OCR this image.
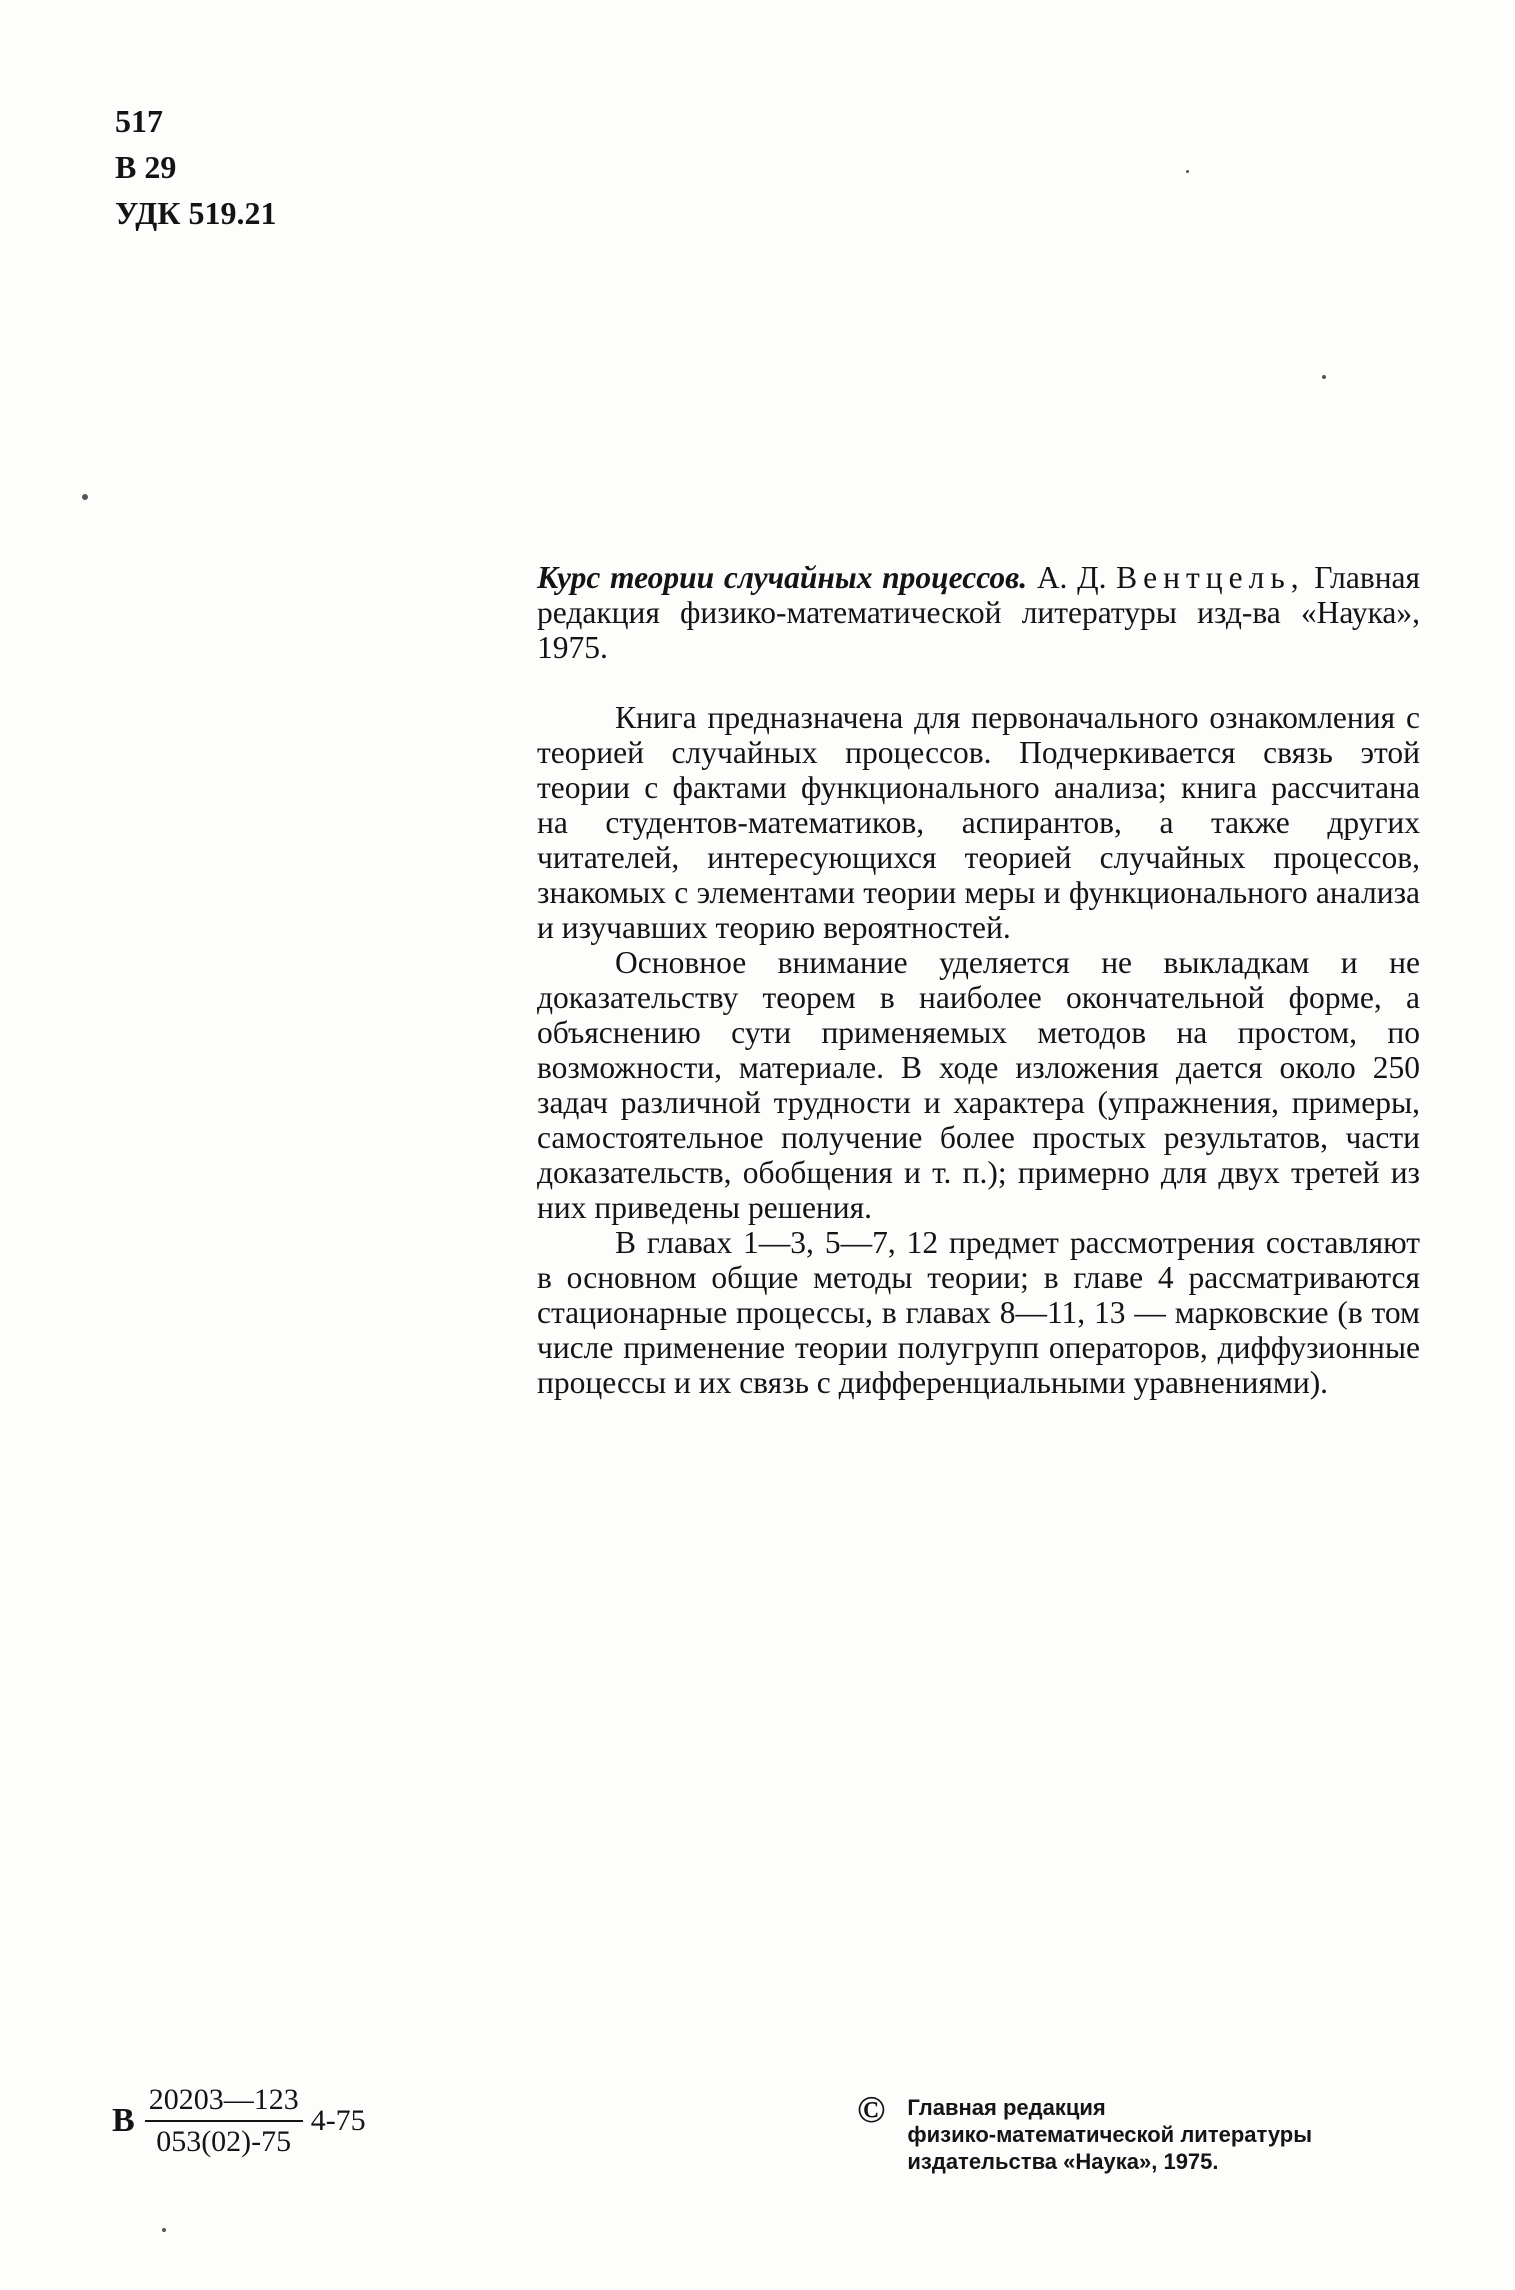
517
В 29
УДК 519.21

Курс теории случайных процессов. А. Д. Вентцель, Главная редакция физико-математической литературы изд-ва «Наука», 1975.

Книга предназначена для первоначального ознакомления с теорией случайных процессов. Подчеркивается связь этой теории с фактами функционального анализа; книга рассчитана на студентов-математиков, аспирантов, а также других читателей, интересующихся теорией случайных процессов, знакомых с элементами теории меры и функционального анализа и изучавших теорию вероятностей.

Основное внимание уделяется не выкладкам и не доказательству теорем в наиболее окончательной форме, а объяснению сути применяемых методов на простом, по возможности, материале. В ходе изложения дается около 250 задач различной трудности и характера (упражнения, примеры, самостоятельное получение более простых результатов, части доказательств, обобщения и т. п.); примерно для двух третей из них приведены решения.

В главах 1—3, 5—7, 12 предмет рассмотрения составляют в основном общие методы теории; в главе 4 рассматриваются стационарные процессы, в главах 8—11, 13 — марковские (в том числе применение теории полугрупп операторов, диффузионные процессы и их связь с дифференциальными уравнениями).

В $\frac{20203—123}{053(02)-75} 4-75$	© Главная редакция
физико-математической литературы
издательства «Наука», 1975.
